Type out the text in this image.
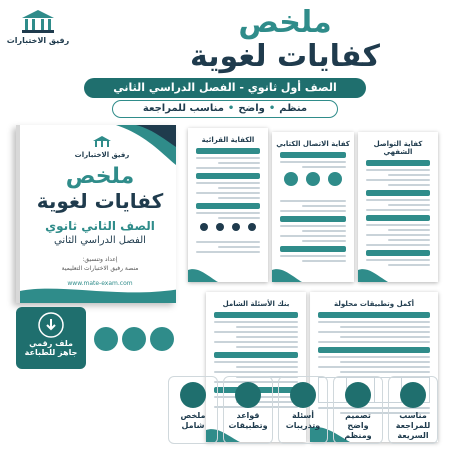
رفيق الاختبارات
ملخص
كفايات لغوية
الصف أول ثانوي - الفصل الدراسي الثاني
منظم•واضح•مناسب للمراجعة
رفيق الاختبارات
ملخص
كفايات لغوية
الصف الثاني ثانوي
الفصل الدراسي الثاني
إعداد وتنسيق:
منصة رفيق الاختبارات التعليمية
www.mate-exam.com
كفاية التواصل الشفهي
كفاية الاتصال الكتابي
الكفاية القرائية
أكمل وتطبيقات محلولة
بنك الأسئلة الشامل
ملف رقمي
جاهز للطباعة
مناسب للمراجعة السريعة
تصميم واضح ومنظم
أسئلة وتدريبات
قواعد وتطبيقات
ملخص شامل
